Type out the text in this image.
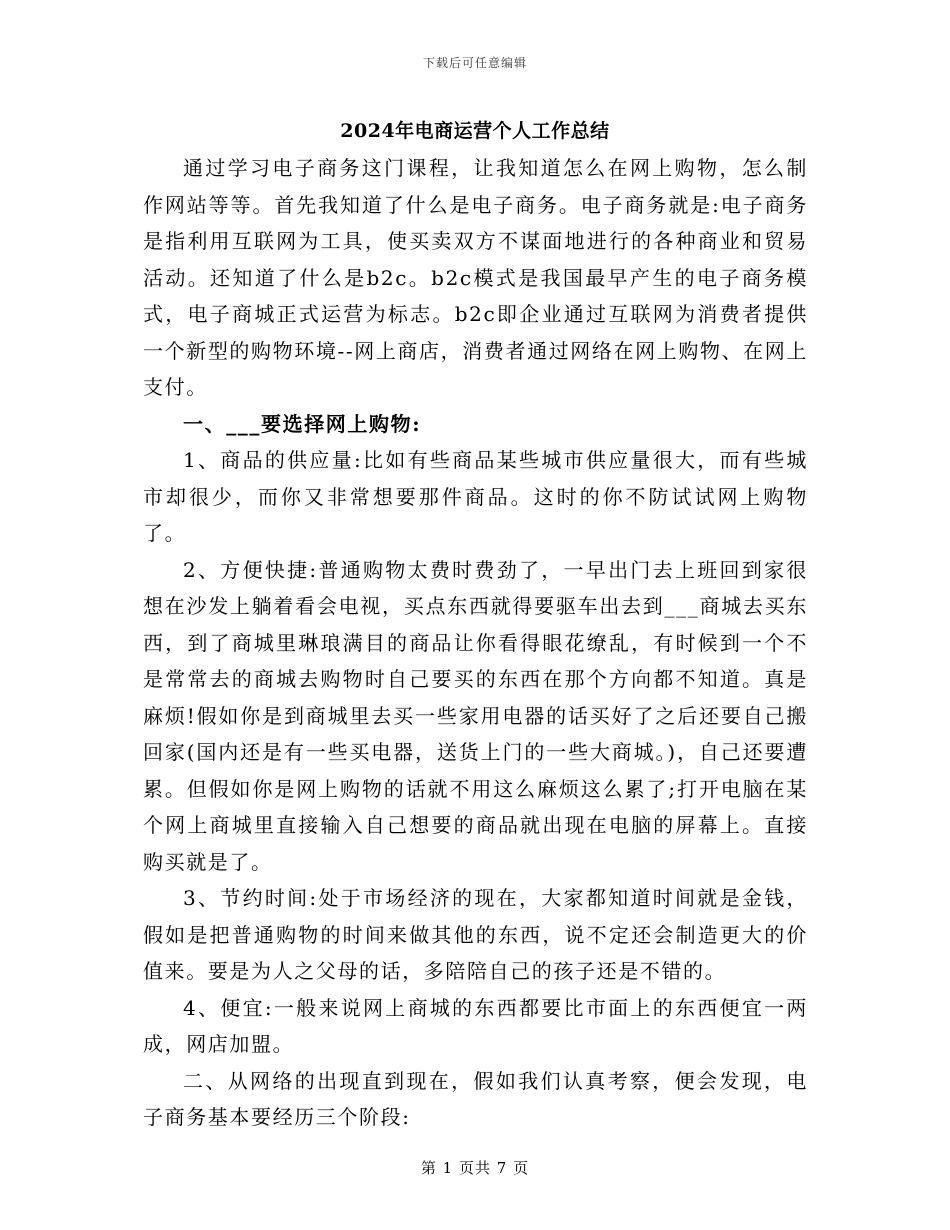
下载后可任意编辑
2024年电商运营个人工作总结

通过学习电子商务这门课程，让我知道怎么在网上购物，怎么制作网站等等。首先我知道了什么是电子商务。电子商务就是:电子商务是指利用互联网为工具，使买卖双方不谋面地进行的各种商业和贸易活动。还知道了什么是b2c。b2c模式是我国最早产生的电子商务模式，电子商城正式运营为标志。b2c即企业通过互联网为消费者提供一个新型的购物环境--网上商店，消费者通过网络在网上购物、在网上支付。

一、___要选择网上购物:

1、商品的供应量:比如有些商品某些城市供应量很大，而有些城市却很少，而你又非常想要那件商品。这时的你不防试试网上购物了。

2、方便快捷:普通购物太费时费劲了，一早出门去上班回到家很想在沙发上躺着看会电视，买点东西就得要驱车出去到___商城去买东西，到了商城里琳琅满目的商品让你看得眼花缭乱，有时候到一个不是常常去的商城去购物时自己要买的东西在那个方向都不知道。真是麻烦!假如你是到商城里去买一些家用电器的话买好了之后还要自己搬回家(国内还是有一些买电器，送货上门的一些大商城。)，自己还要遭累。但假如你是网上购物的话就不用这么麻烦这么累了;打开电脑在某个网上商城里直接输入自己想要的商品就出现在电脑的屏幕上。直接购买就是了。

3、节约时间:处于市场经济的现在，大家都知道时间就是金钱，假如是把普通购物的时间来做其他的东西，说不定还会制造更大的价值来。要是为人之父母的话，多陪陪自己的孩子还是不错的。

4、便宜:一般来说网上商城的东西都要比市面上的东西便宜一两成，网店加盟。

二、从网络的出现直到现在，假如我们认真考察，便会发现，电子商务基本要经历三个阶段:

第 1 页共 7 页
